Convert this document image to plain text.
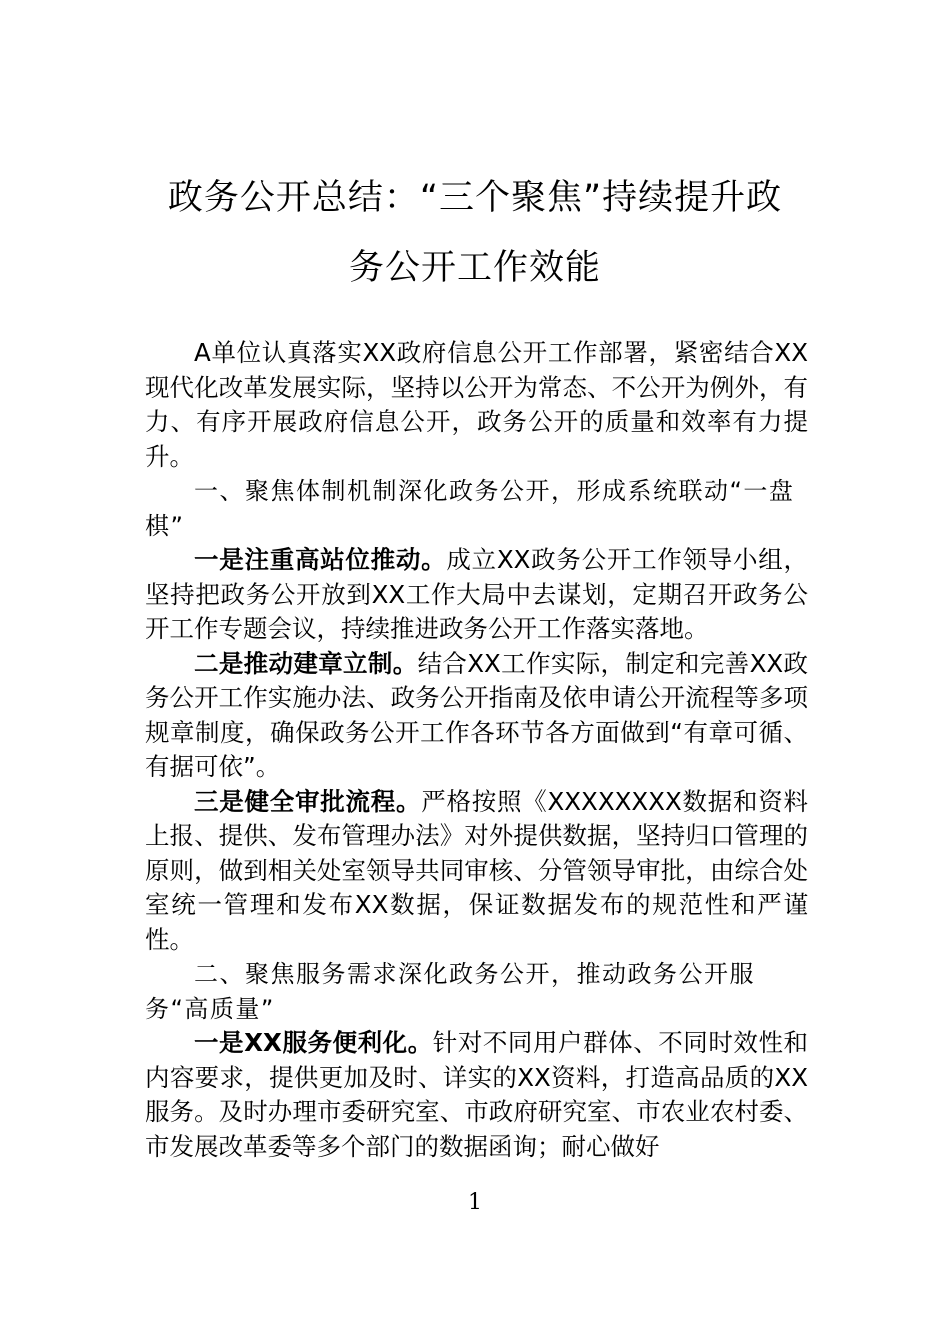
政务公开总结：“三个聚焦”持续提升政
务公开工作效能

A单位认真落实XX政府信息公开工作部署，紧密结合XX现代化改革发展实际，坚持以公开为常态、不公开为例外，有力、有序开展政府信息公开，政务公开的质量和效率有力提升。

一、聚焦体制机制深化政务公开，形成系统联动“一盘棋”

一是注重高站位推动。成立XX政务公开工作领导小组，坚持把政务公开放到XX工作大局中去谋划，定期召开政务公开工作专题会议，持续推进政务公开工作落实落地。

二是推动建章立制。结合XX工作实际，制定和完善XX政务公开工作实施办法、政务公开指南及依申请公开流程等多项规章制度，确保政务公开工作各环节各方面做到“有章可循、有据可依”。

三是健全审批流程。严格按照《XXXXXXXX数据和资料上报、提供、发布管理办法》对外提供数据，坚持归口管理的原则，做到相关处室领导共同审核、分管领导审批，由综合处室统一管理和发布XX数据，保证数据发布的规范性和严谨性。

二、聚焦服务需求深化政务公开，推动政务公开服务“高质量”

一是XX服务便利化。针对不同用户群体、不同时效性和内容要求，提供更加及时、详实的XX资料，打造高品质的XX服务。及时办理市委研究室、市政府研究室、市农业农村委、市发展改革委等多个部门的数据函询；耐心做好

1
